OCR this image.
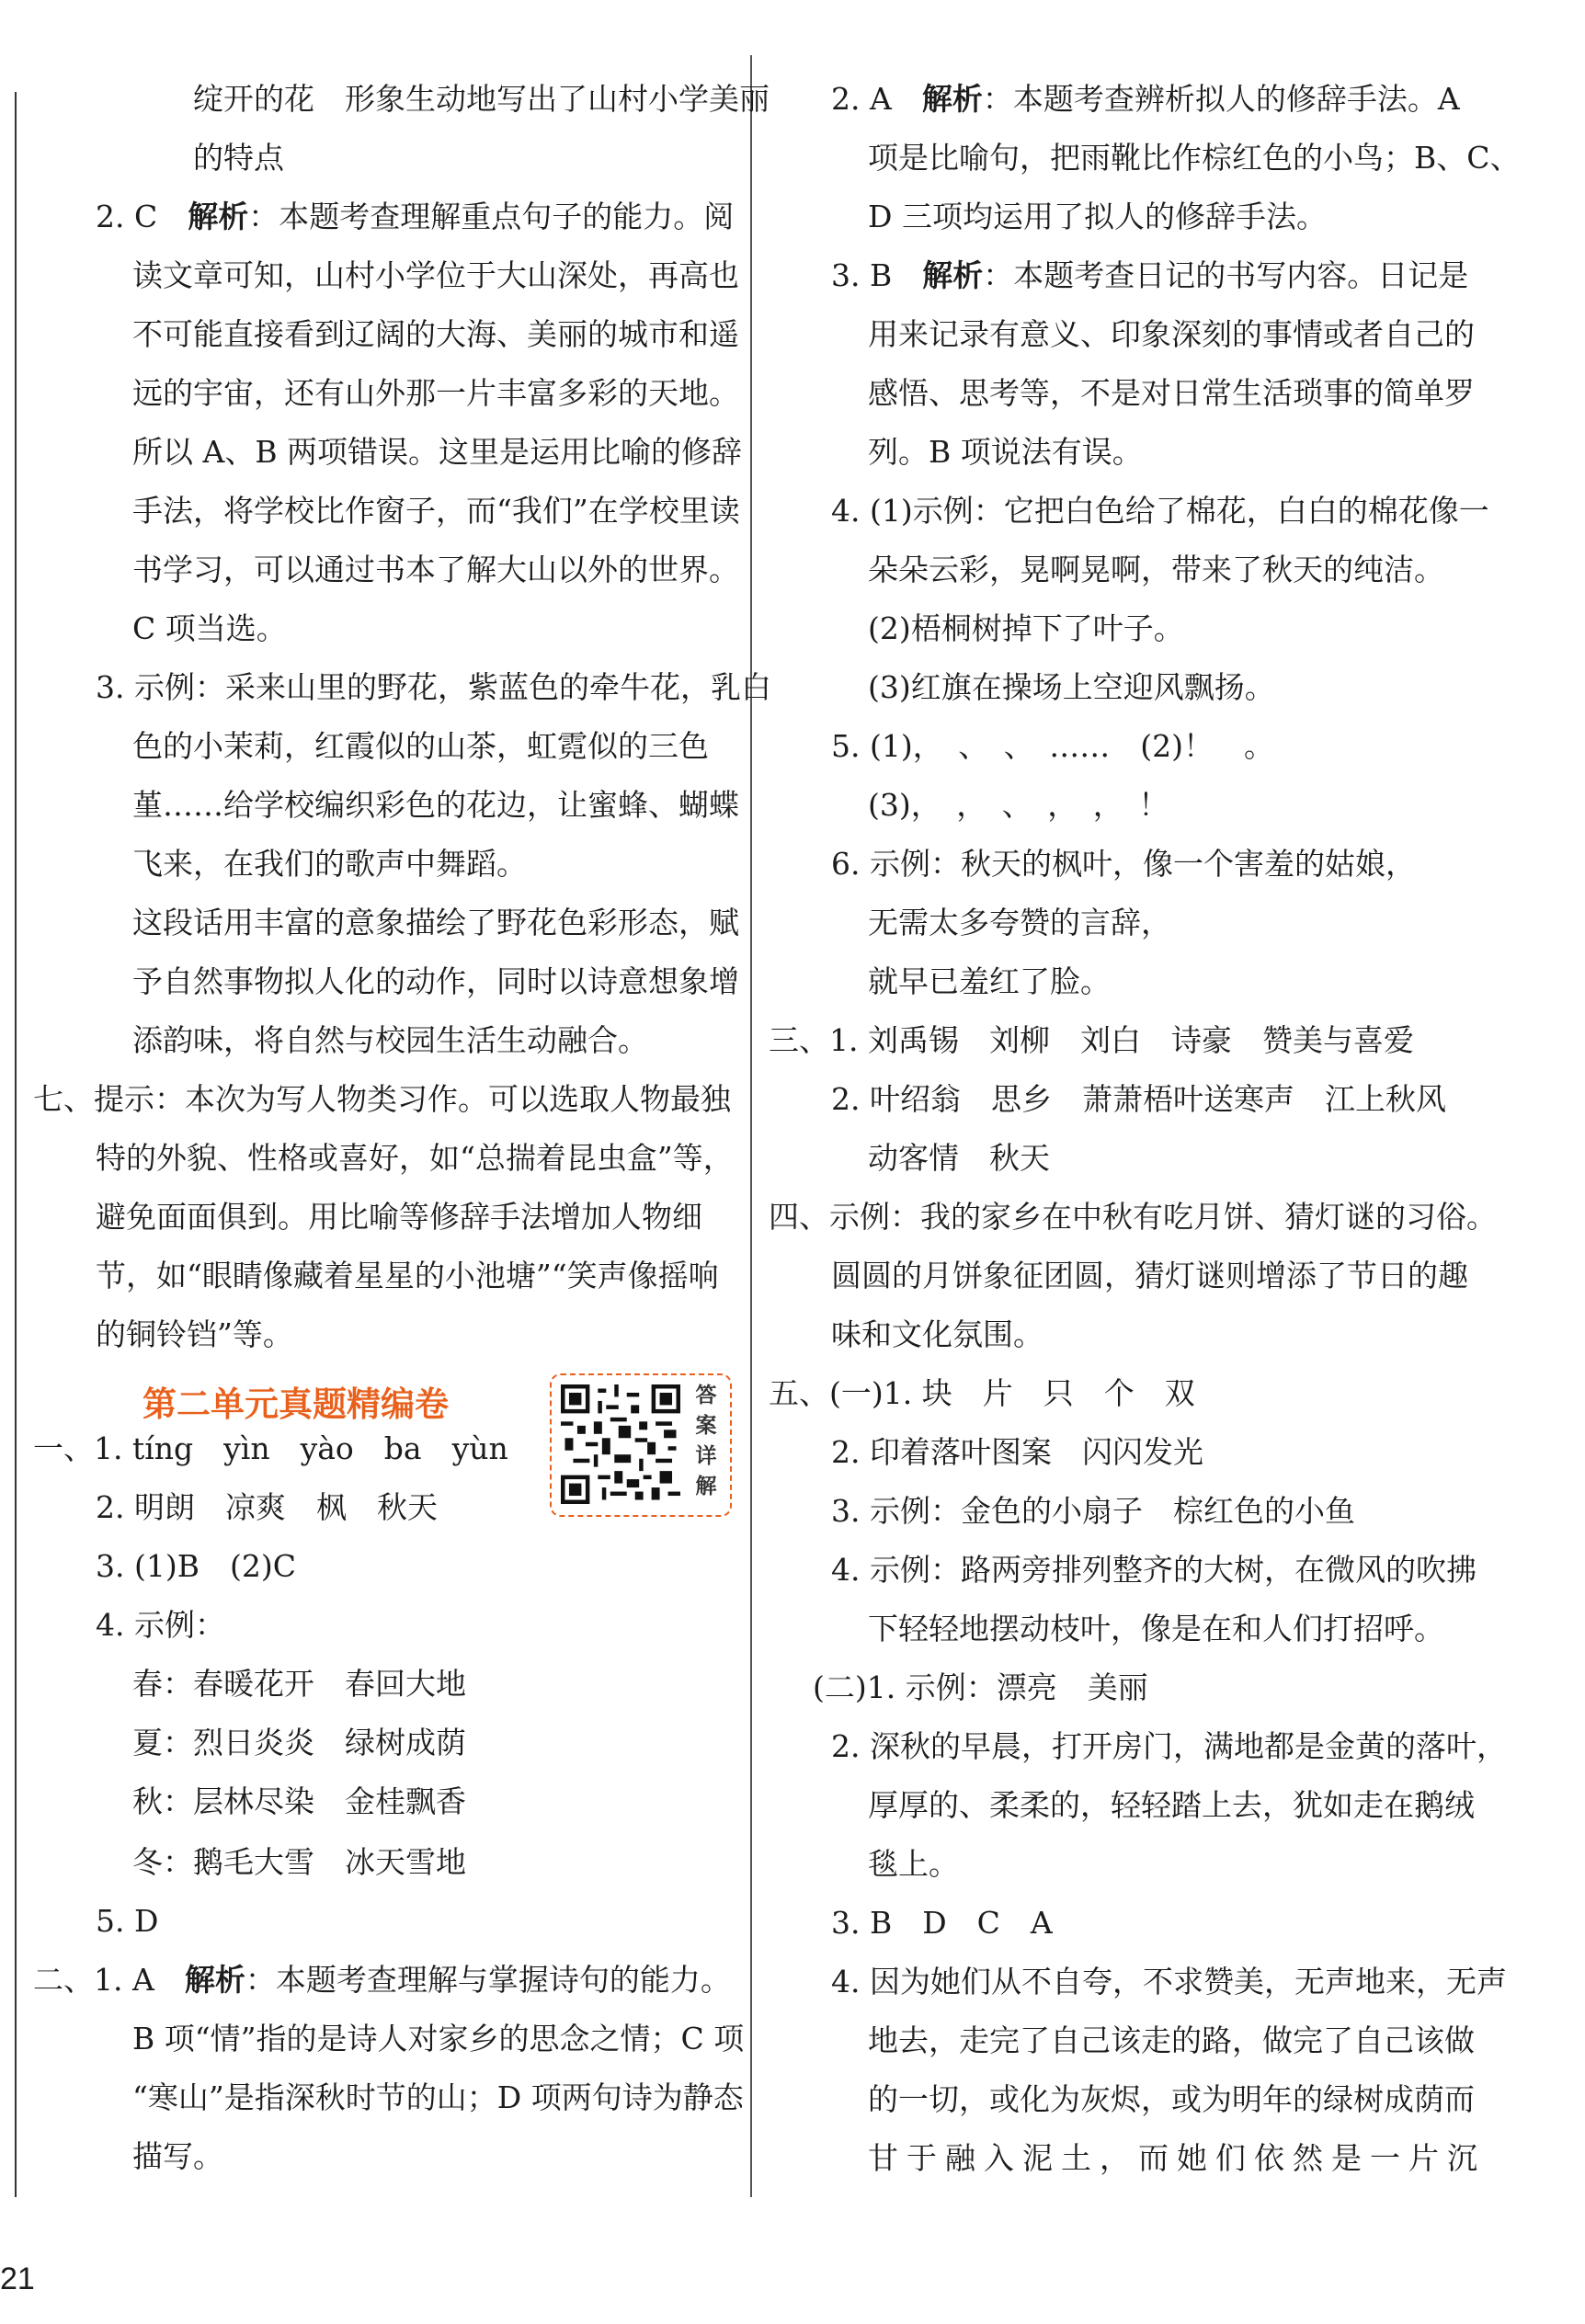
　　绽开的花　形象生动地写出了山村小学美丽
　　的特点
2. C　解析：本题考查理解重点句子的能力。阅
读文章可知，山村小学位于大山深处，再高也
不可能直接看到辽阔的大海、美丽的城市和遥
远的宇宙，还有山外那一片丰富多彩的天地。
所以 A、B 两项错误。这里是运用比喻的修辞
手法，将学校比作窗子，而“我们”在学校里读
书学习，可以通过书本了解大山以外的世界。
C 项当选。
3. 示例：采来山里的野花，紫蓝色的牵牛花，乳白
色的小茉莉，红霞似的山茶，虹霓似的三色
堇……给学校编织彩色的花边，让蜜蜂、蝴蝶
飞来，在我们的歌声中舞蹈。
这段话用丰富的意象描绘了野花色彩形态，赋
予自然事物拟人化的动作，同时以诗意想象增
添韵味，将自然与校园生活生动融合。
七、提示：本次为写人物类习作。可以选取人物最独
特的外貌、性格或喜好，如“总揣着昆虫盒”等，
避免面面俱到。用比喻等修辞手法增加人物细
节，如“眼睛像藏着星星的小池塘”“笑声像摇响
的铜铃铛”等。
一、1. tíng　yìn　yào　ba　yùn
2. 明朗　凉爽　枫　秋天
3. (1)B　(2)C
4. 示例：
春：春暖花开　春回大地
夏：烈日炎炎　绿树成荫
秋：层林尽染　金桂飘香
冬：鹅毛大雪　冰天雪地
5. D
二、1. A　解析：本题考查理解与掌握诗句的能力。
B 项“情”指的是诗人对家乡的思念之情；C 项
“寒山”是指深秋时节的山；D 项两句诗为静态
描写。
2. A　解析：本题考查辨析拟人的修辞手法。A
项是比喻句，把雨靴比作棕红色的小鸟；B、C、
D 三项均运用了拟人的修辞手法。
3. B　解析：本题考查日记的书写内容。日记是
用来记录有意义、印象深刻的事情或者自己的
感悟、思考等，不是对日常生活琐事的简单罗
列。B 项说法有误。
4. (1)示例：它把白色给了棉花，白白的棉花像一
朵朵云彩，晃啊晃啊，带来了秋天的纯洁。
(2)梧桐树掉下了叶子。
(3)红旗在操场上空迎风飘扬。
5. (1)，　、　、　……　(2)！　。
(3)，　，　、　，　，　！
6. 示例：秋天的枫叶，像一个害羞的姑娘，
无需太多夸赞的言辞，
就早已羞红了脸。
三、1. 刘禹锡　刘柳　刘白　诗豪　赞美与喜爱
2. 叶绍翁　思乡　萧萧梧叶送寒声　江上秋风
动客情　秋天
四、示例：我的家乡在中秋有吃月饼、猜灯谜的习俗。
圆圆的月饼象征团圆，猜灯谜则增添了节日的趣
味和文化氛围。
五、(一)1. 块　片　只　个　双
2. 印着落叶图案　闪闪发光
3. 示例：金色的小扇子　棕红色的小鱼
4. 示例：路两旁排列整齐的大树，在微风的吹拂
下轻轻地摆动枝叶，像是在和人们打招呼。
(二)1. 示例：漂亮　美丽
2. 深秋的早晨，打开房门，满地都是金黄的落叶，
厚厚的、柔柔的，轻轻踏上去，犹如走在鹅绒
毯上。
3. B　D　C　A
4. 因为她们从不自夸，不求赞美，无声地来，无声
地去，走完了自己该走的路，做完了自己该做
的一切，或化为灰烬，或为明年的绿树成荫而
甘于融入泥土，而她们依然是一片沉
第二单元真题精编卷	答案详解
21
